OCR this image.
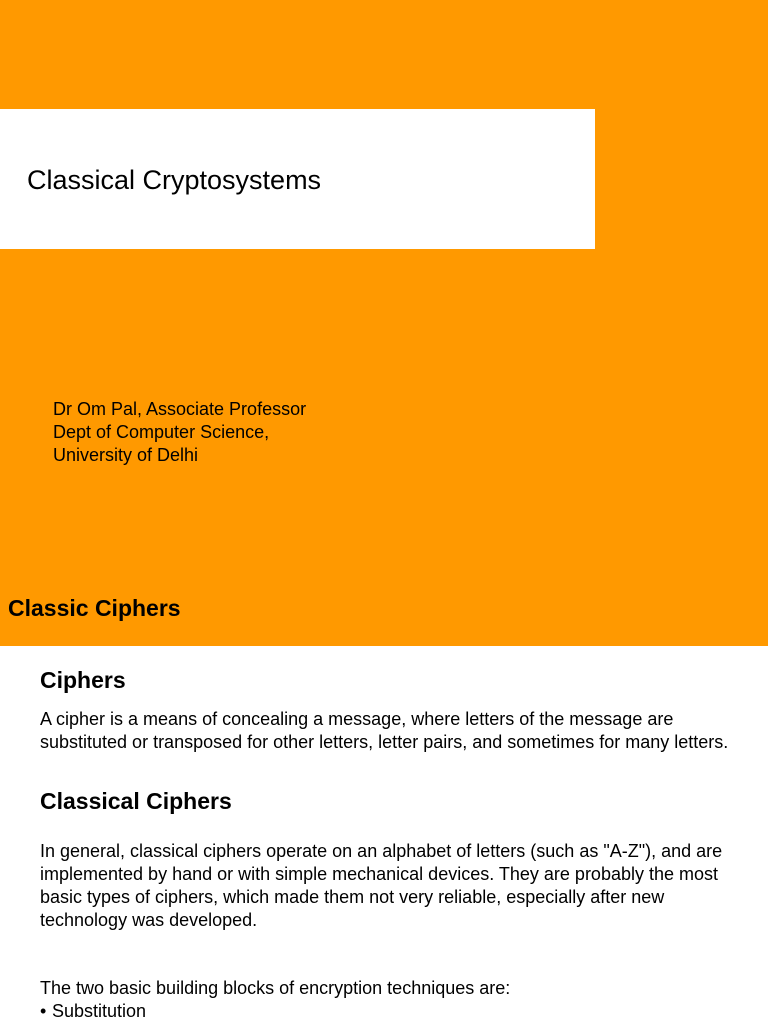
Classical Cryptosystems
Dr Om Pal, Associate Professor
Dept of Computer Science,
University of Delhi
Classic Ciphers
Ciphers

A cipher is a means of concealing a message, where letters of the message are substituted or transposed for other letters, letter pairs, and sometimes for many letters.

Classical Ciphers

In general, classical ciphers operate on an alphabet of letters (such as "A-Z"), and are implemented by hand or with simple mechanical devices. They are probably the most basic types of ciphers, which made them not very reliable, especially after new technology was developed.

The two basic building blocks of encryption techniques are:

• Substitution
